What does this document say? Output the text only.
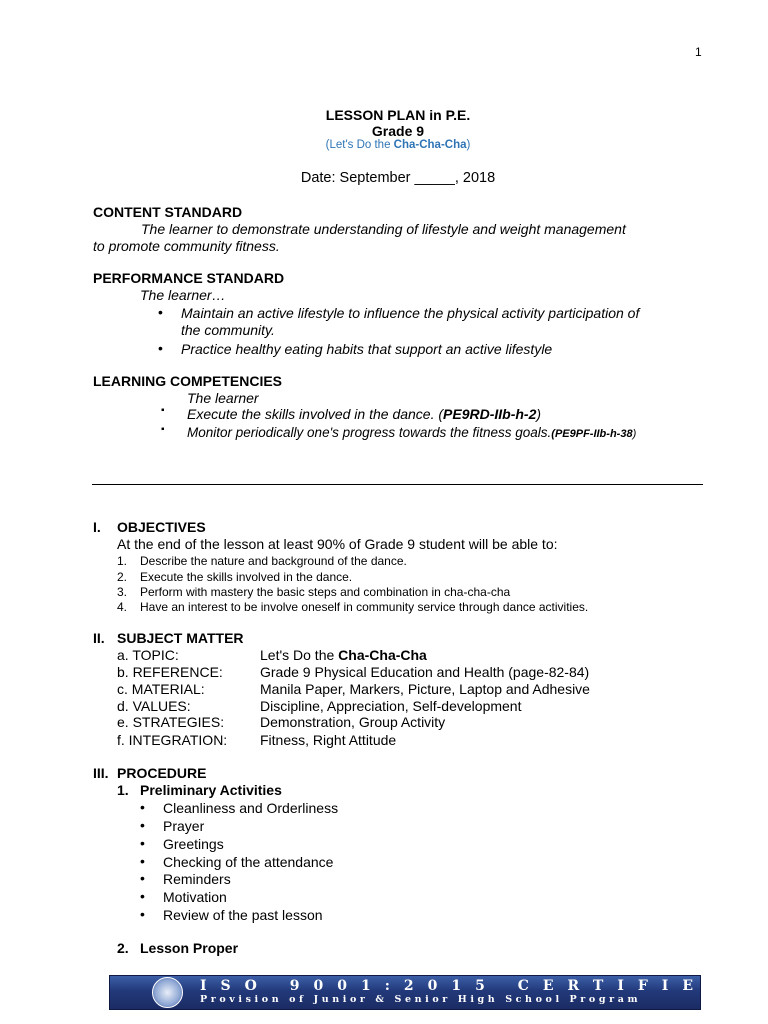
1
LESSON PLAN in P.E.
Grade 9
(Let's Do the Cha-Cha-Cha)
Date: September _____, 2018
CONTENT STANDARD
The learner to demonstrate understanding of lifestyle and weight management
to promote community fitness.
PERFORMANCE STANDARD
The learner…
• Maintain an active lifestyle to influence the physical activity participation of
the community.
• Practice healthy eating habits that support an active lifestyle
LEARNING COMPETENCIES
The learner
▪ Execute the skills involved in the dance. (PE9RD-IIb-h-2)
▪ Monitor periodically one's progress towards the fitness goals.(PE9PF-IIb-h-38)
I. OBJECTIVES
At the end of the lesson at least 90% of Grade 9 student will be able to:
1. Describe the nature and background of the dance.
2. Execute the skills involved in the dance.
3. Perform with mastery the basic steps and combination in cha-cha-cha
4. Have an interest to be involve oneself in community service through dance activities.
II. SUBJECT MATTER
a. TOPIC:	Let's Do the Cha-Cha-Cha
b. REFERENCE:	Grade 9 Physical Education and Health (page-82-84)
c. MATERIAL:	Manila Paper, Markers, Picture, Laptop and Adhesive
d. VALUES:	Discipline, Appreciation, Self-development
e. STRATEGIES:	Demonstration, Group Activity
f. INTEGRATION: Fitness, Right Attitude
III. PROCEDURE
1. Preliminary Activities
• Cleanliness and Orderliness
• Prayer
• Greetings
• Checking of the attendance
• Reminders
• Motivation
• Review of the past lesson
2. Lesson Proper
ISO 9001:2015 CERTIFIED
Provision of Junior & Senior High School Program
